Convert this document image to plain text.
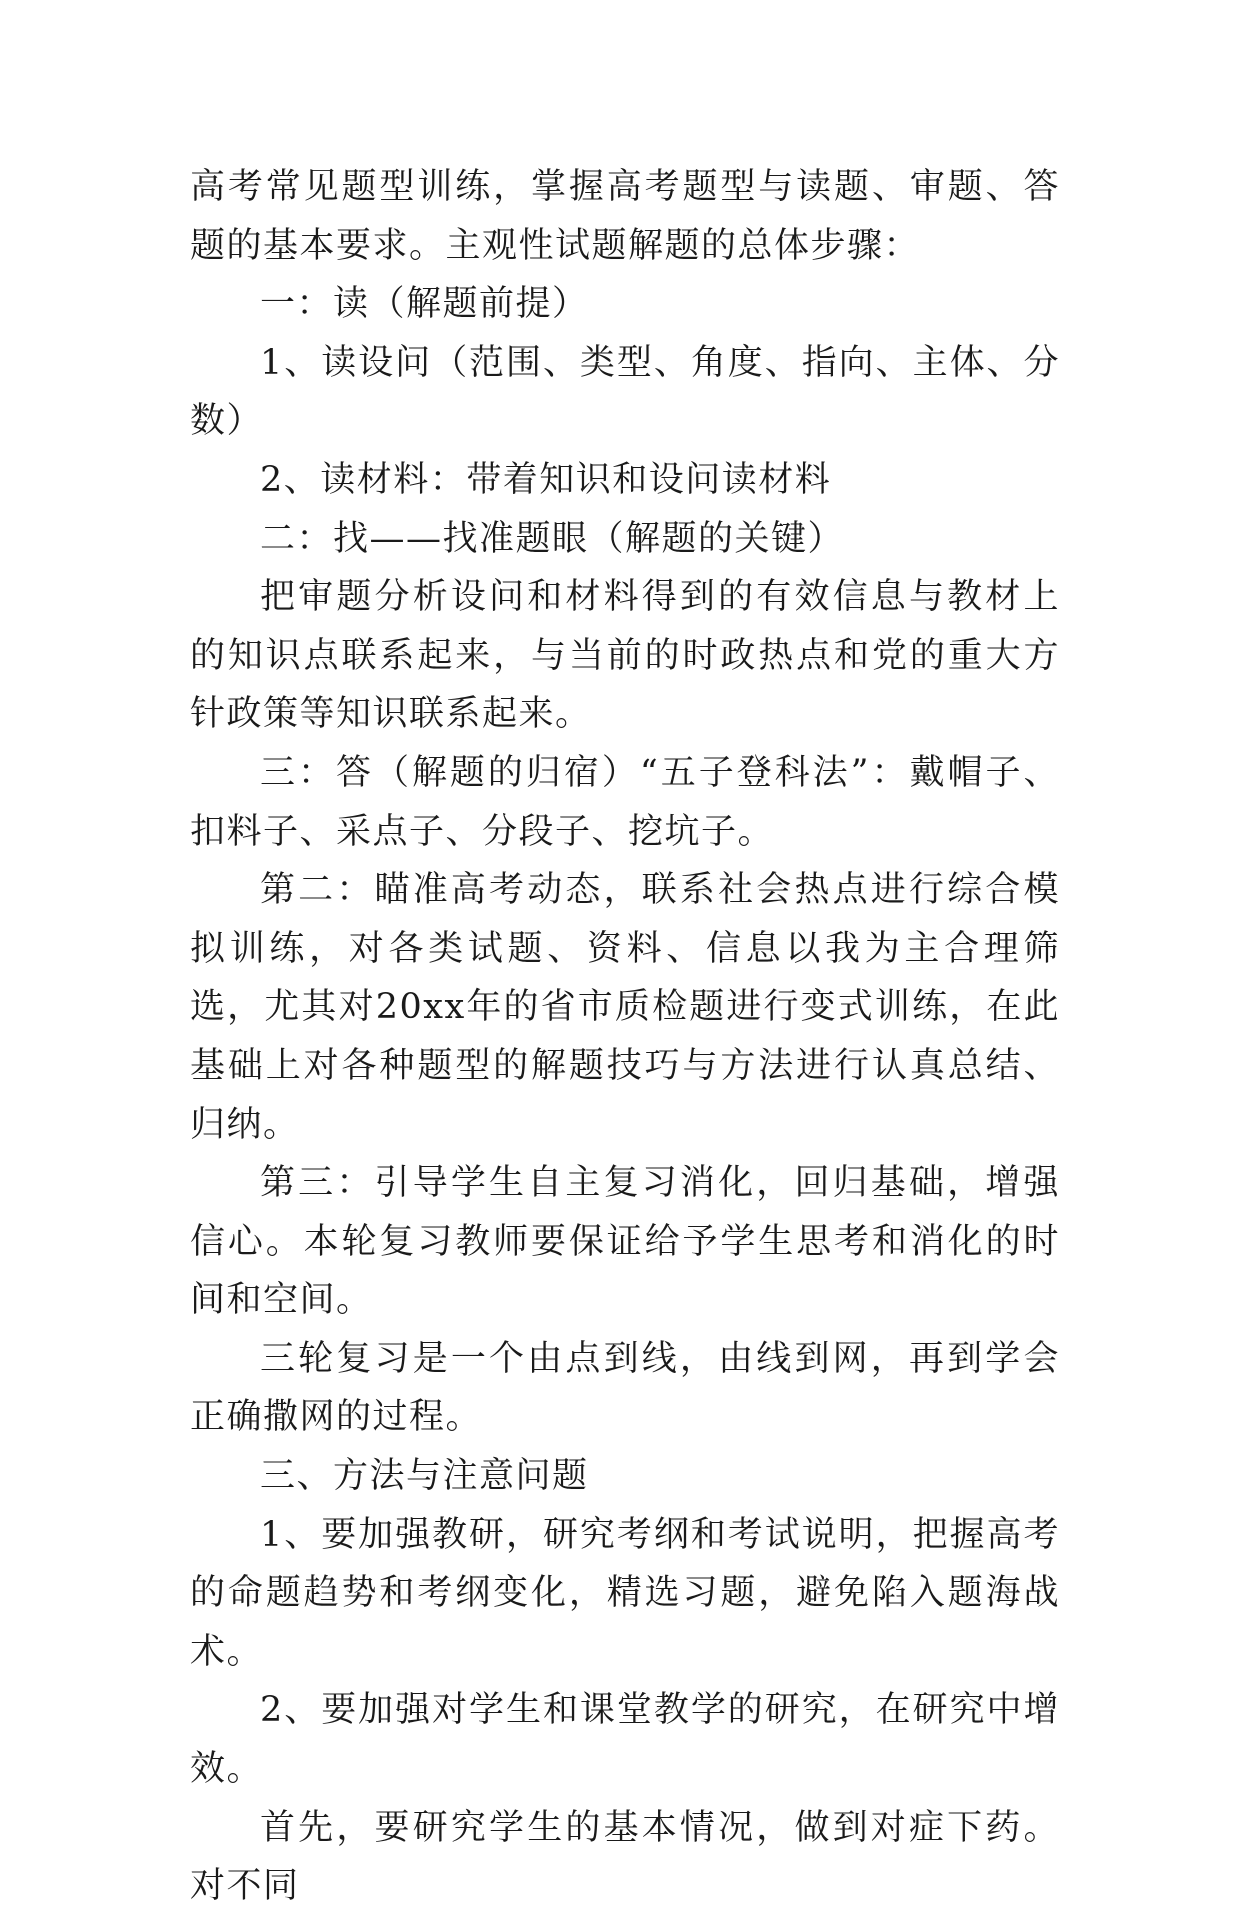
高考常见题型训练，掌握高考题型与读题、审题、答题的基本要求。主观性试题解题的总体步骤：

一：读（解题前提）

1、读设问（范围、类型、角度、指向、主体、分数）

2、读材料：带着知识和设问读材料

二：找——找准题眼（解题的关键）

把审题分析设问和材料得到的有效信息与教材上的知识点联系起来，与当前的时政热点和党的重大方针政策等知识联系起来。

三：答（解题的归宿）“五子登科法”：戴帽子、扣料子、采点子、分段子、挖坑子。

第二：瞄准高考动态，联系社会热点进行综合模拟训练，对各类试题、资料、信息以我为主合理筛选，尤其对20xx年的省市质检题进行变式训练，在此基础上对各种题型的解题技巧与方法进行认真总结、归纳。

第三：引导学生自主复习消化，回归基础，增强信心。本轮复习教师要保证给予学生思考和消化的时间和空间。

三轮复习是一个由点到线，由线到网，再到学会正确撒网的过程。

三、方法与注意问题

1、要加强教研，研究考纲和考试说明，把握高考的命题趋势和考纲变化，精选习题，避免陷入题海战术。

2、要加强对学生和课堂教学的研究，在研究中增效。

首先，要研究学生的基本情况，做到对症下药。对不同
